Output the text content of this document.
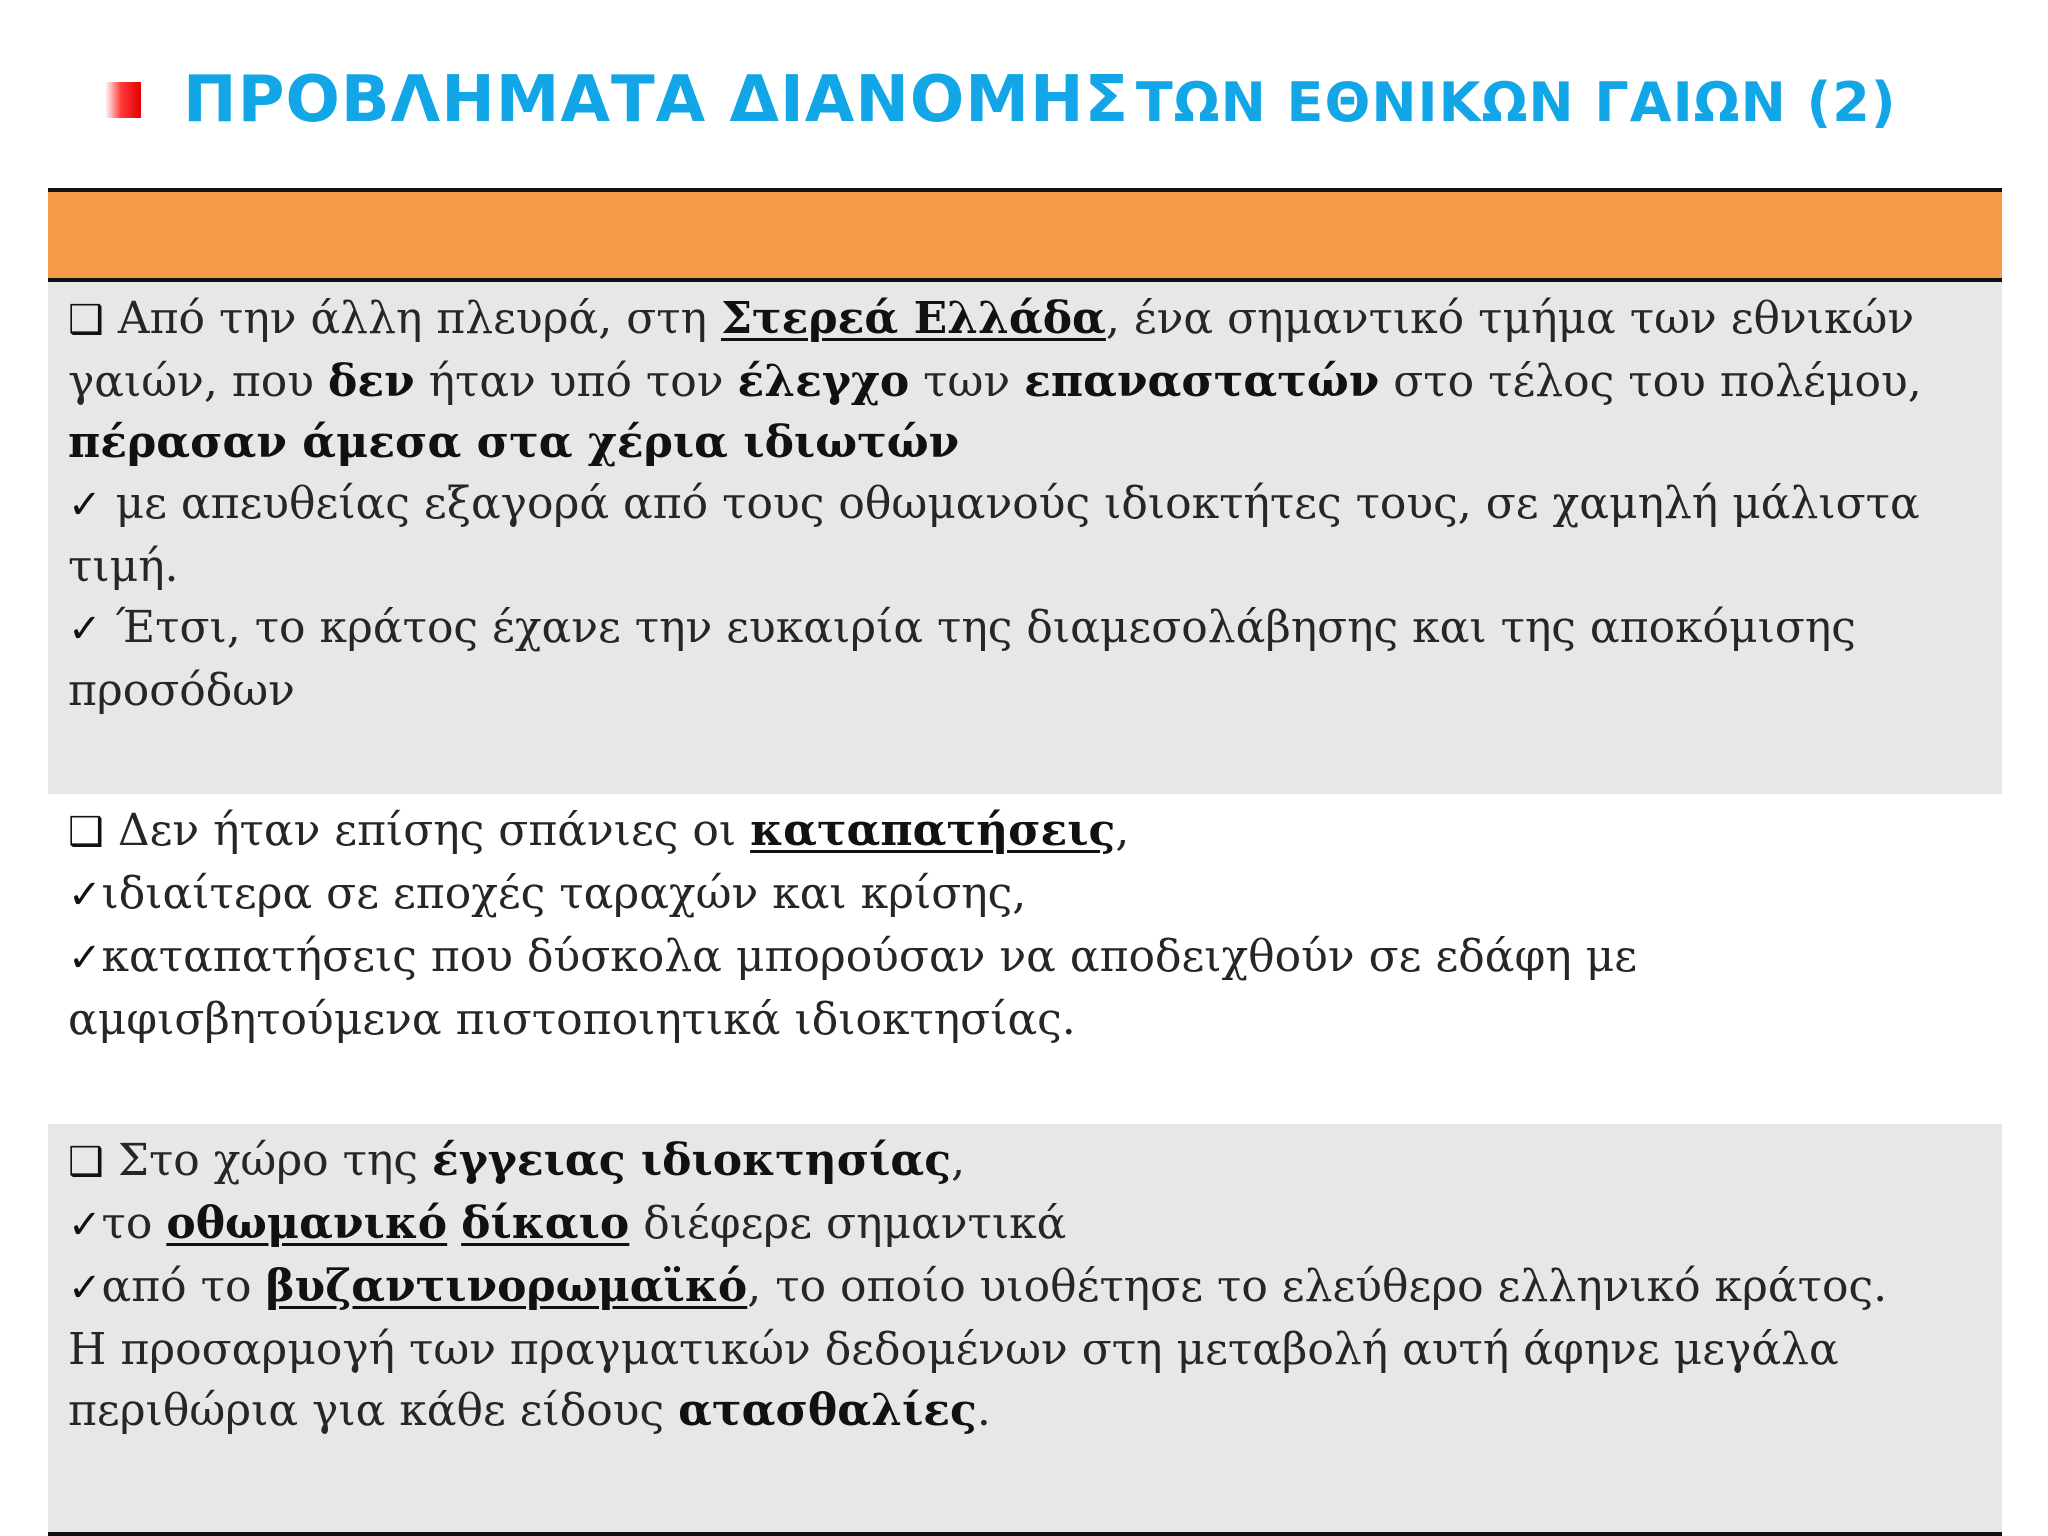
ΠΡΟΒΛΗΜΑΤΑ ΔΙΑΝΟΜΗΣ ΤΩΝ ΕΘΝΙΚΩΝ ΓΑΙΩΝ (2)
❑ Από την άλλη πλευρά, στη Στερεά Ελλάδα, ένα σημαντικό τμήμα των εθνικών
γαιών, που δεν ήταν υπό τον έλεγχο των επαναστατών στο τέλος του πολέμου,
πέρασαν άμεσα στα χέρια ιδιωτών
✓ με απευθείας εξαγορά από τους οθωμανούς ιδιοκτήτες τους, σε χαμηλή μάλιστα
τιμή.
✓ Έτσι, το κράτος έχανε την ευκαιρία της διαμεσολάβησης και της αποκόμισης
προσόδων
❑ Δεν ήταν επίσης σπάνιες οι καταπατήσεις,
✓ιδιαίτερα σε εποχές ταραχών και κρίσης,
✓καταπατήσεις που δύσκολα μπορούσαν να αποδειχθούν σε εδάφη με
αμφισβητούμενα πιστοποιητικά ιδιοκτησίας.
❑ Στο χώρο της έγγειας ιδιοκτησίας,
✓το οθωμανικό δίκαιο διέφερε σημαντικά
✓από το βυζαντινορωμαϊκό, το οποίο υιοθέτησε το ελεύθερο ελληνικό κράτος.
Η προσαρμογή των πραγματικών δεδομένων στη μεταβολή αυτή άφηνε μεγάλα
περιθώρια για κάθε είδους ατασθαλίες.
